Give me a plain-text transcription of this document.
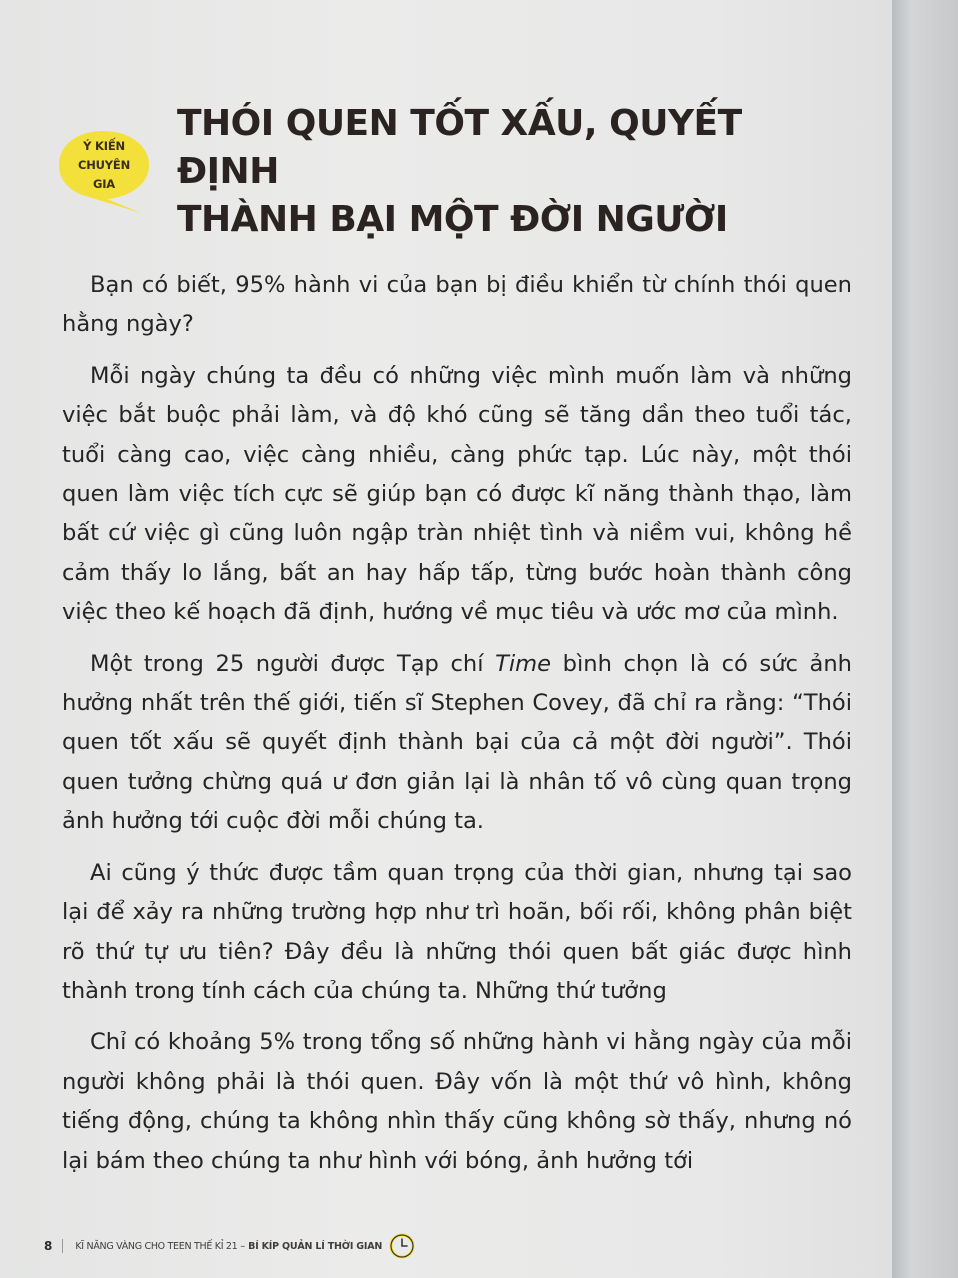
Ý KIẾN
CHUYÊN
GIA
THÓI QUEN TỐT XẤU, QUYẾT ĐỊNH
THÀNH BẠI MỘT ĐỜI NGƯỜI

Bạn có biết, 95% hành vi của bạn bị điều khiển từ chính thói quen hằng ngày?

Mỗi ngày chúng ta đều có những việc mình muốn làm và những việc bắt buộc phải làm, và độ khó cũng sẽ tăng dần theo tuổi tác, tuổi càng cao, việc càng nhiều, càng phức tạp. Lúc này, một thói quen làm việc tích cực sẽ giúp bạn có được kĩ năng thành thạo, làm bất cứ việc gì cũng luôn ngập tràn nhiệt tình và niềm vui, không hề cảm thấy lo lắng, bất an hay hấp tấp, từng bước hoàn thành công việc theo kế hoạch đã định, hướng về mục tiêu và ước mơ của mình.

Một trong 25 người được Tạp chí Time bình chọn là có sức ảnh hưởng nhất trên thế giới, tiến sĩ Stephen Covey, đã chỉ ra rằng: “Thói quen tốt xấu sẽ quyết định thành bại của cả một đời người”. Thói quen tưởng chừng quá ư đơn giản lại là nhân tố vô cùng quan trọng ảnh hưởng tới cuộc đời mỗi chúng ta.

Ai cũng ý thức được tầm quan trọng của thời gian, nhưng tại sao lại để xảy ra những trường hợp như trì hoãn, bối rối, không phân biệt rõ thứ tự ưu tiên? Đây đều là những thói quen bất giác được hình thành trong tính cách của chúng ta. Những thứ tưởng

Chỉ có khoảng 5% trong tổng số những hành vi hằng ngày của mỗi người không phải là thói quen. Đây vốn là một thứ vô hình, không tiếng động, chúng ta không nhìn thấy cũng không sờ thấy, nhưng nó lại bám theo chúng ta như hình với bóng, ảnh hưởng tới

8 KĨ NĂNG VÀNG CHO TEEN THẾ KỈ 21 – BÍ KÍP QUẢN LÍ THỜI GIAN
